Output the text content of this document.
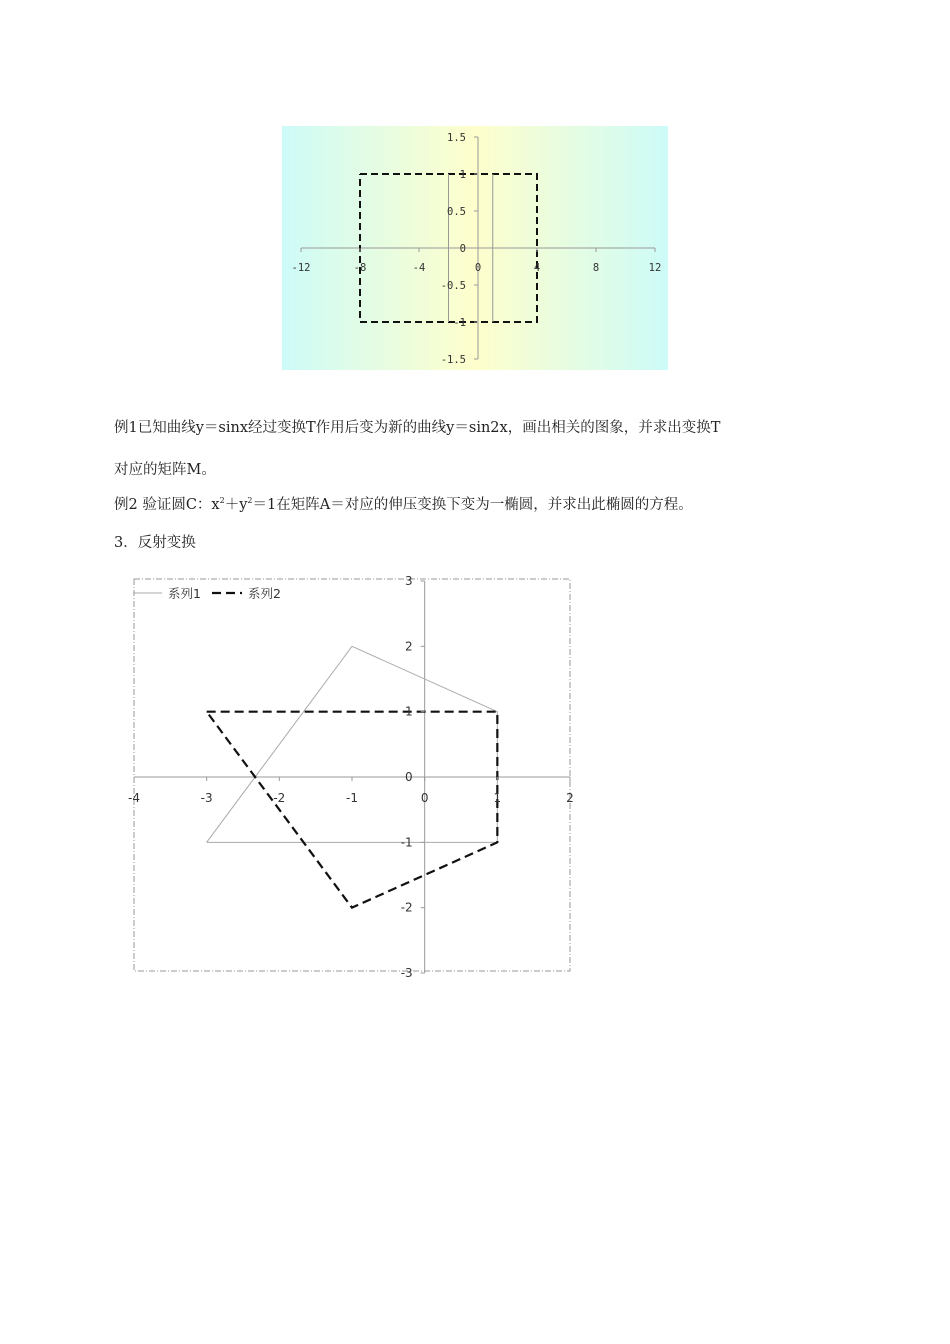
-12	-8	-4	0	4	8	12
1.5
1
0.5
0
-0.5
-1
-1.5

例1已知曲线y＝sinx经过变换T作用后变为新的曲线y＝sin2x，画出相关的图象，并求出变换T

对应的矩阵M。

例2 验证圆C：$x^2+y^2=1$在矩阵A＝对应的伸压变换下变为一椭圆，并求出此椭圆的方程。

3．反射变换

-4	-3	-2	-1	0	1	2
3
2
1
0
-1
-2
-3
系列1	系列2
